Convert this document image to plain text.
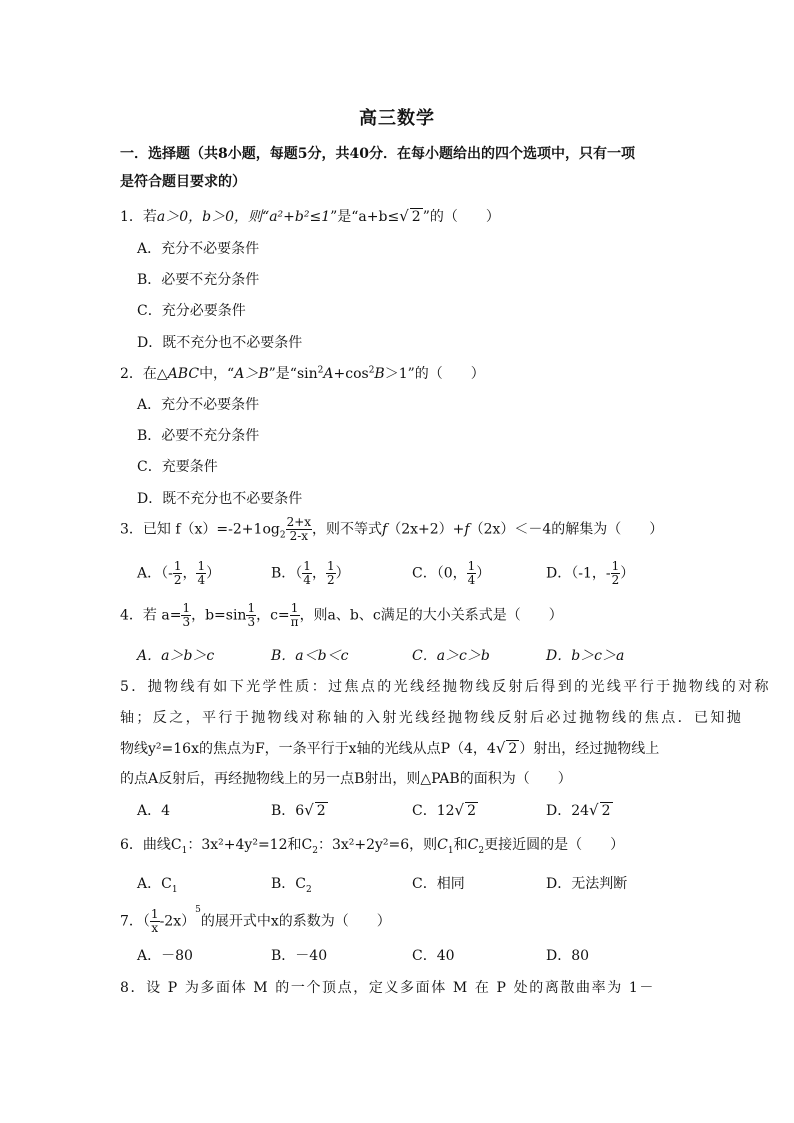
高三数学
一．选择题（共8小题，每题5分，共40分．在每小题给出的四个选项中，只有一项
是符合题目要求的）
1．若a＞0，b＞0，则“a²+b²≤1”是“a+b≤√ 2 ”的（　　）
A．充分不必要条件
B．必要不充分条件
C．充分必要条件
D．既不充分也不必要条件
2．在△ABC中，“A＞B”是“$\sin^2A+\cos^2B>1$”的（　　）
A．充分不必要条件
B．必要不充分条件
C．充要条件
D．既不充分也不必要条件
3．已知 $f(x)=-2+1og_2 \frac{2+x}{2-x}$ ，则不等式f（2x+2）+f（2x）＜－4的解集为（　　）
A．（- $\frac{1}{2}$ ， $\frac{1}{4}$ ）	B．（ $\frac{1}{4}$ ， $\frac{1}{2}$ ）	C．（0， $\frac{1}{4}$ ）	D．（-1，- $\frac{1}{2}$ ）
4．若 $a= \frac{1}{3}$ ，$b=\sin \frac{1}{3}$ ，$c= \frac{1}{\pi}$ ，则a、b、c满足的大小关系式是（　　）
A．a＞b＞c	B．a＜b＜c	C．a＞c＞b	D．b＞c＞a
5．抛物线有如下光学性质：过焦点的光线经抛物线反射后得到的光线平行于抛物线的对称
轴；反之，平行于抛物线对称轴的入射光线经抛物线反射后必过抛物线的焦点．已知抛
物线y²=16x的焦点为F，一条平行于x轴的光线从点P（4，4√ 2 ）射出，经过抛物线上
的点A反射后，再经抛物线上的另一点B射出，则△PAB的面积为（　　）
A．4	B．6√ 2	C．12√ 2	D．24√ 2
6．曲线$C_1$：3x²+4y²=12和$C_2$：3x²+2y²=6，则$C_1$和$C_2$更接近圆的是（　　）
A．$C_1$	B．$C_2$	C．相同	D．无法判断
7．（ $\frac{1}{x} -2x)^5$的展开式中x的系数为（　　）
A．－80	B．－40	C．40	D．80
8．设 P 为多面体 M 的一个顶点，定义多面体 M 在 P 处的离散曲率为 1－
